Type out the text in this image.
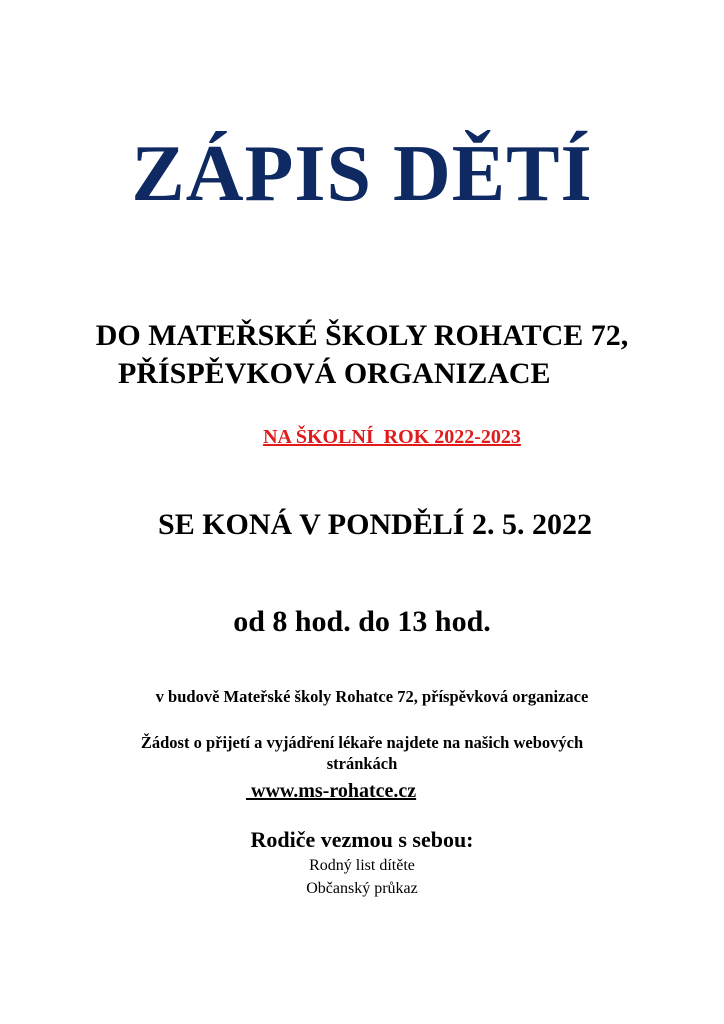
ZÁPIS DĚTÍ
DO MATEŘSKÉ ŠKOLY ROHATCE 72,
PŘÍSPĚVKOVÁ ORGANIZACE
NA ŠKOLNÍ  ROK 2022-2023
SE KONÁ V PONDĚLÍ 2. 5. 2022
od 8 hod. do 13 hod.
v budově Mateřské školy Rohatce 72, příspěvková organizace
Žádost o přijetí a vyjádření lékaře najdete na našich webových
stránkách
www.ms-rohatce.cz
Rodiče vezmou s sebou:
Rodný list dítěte
Občanský průkaz
